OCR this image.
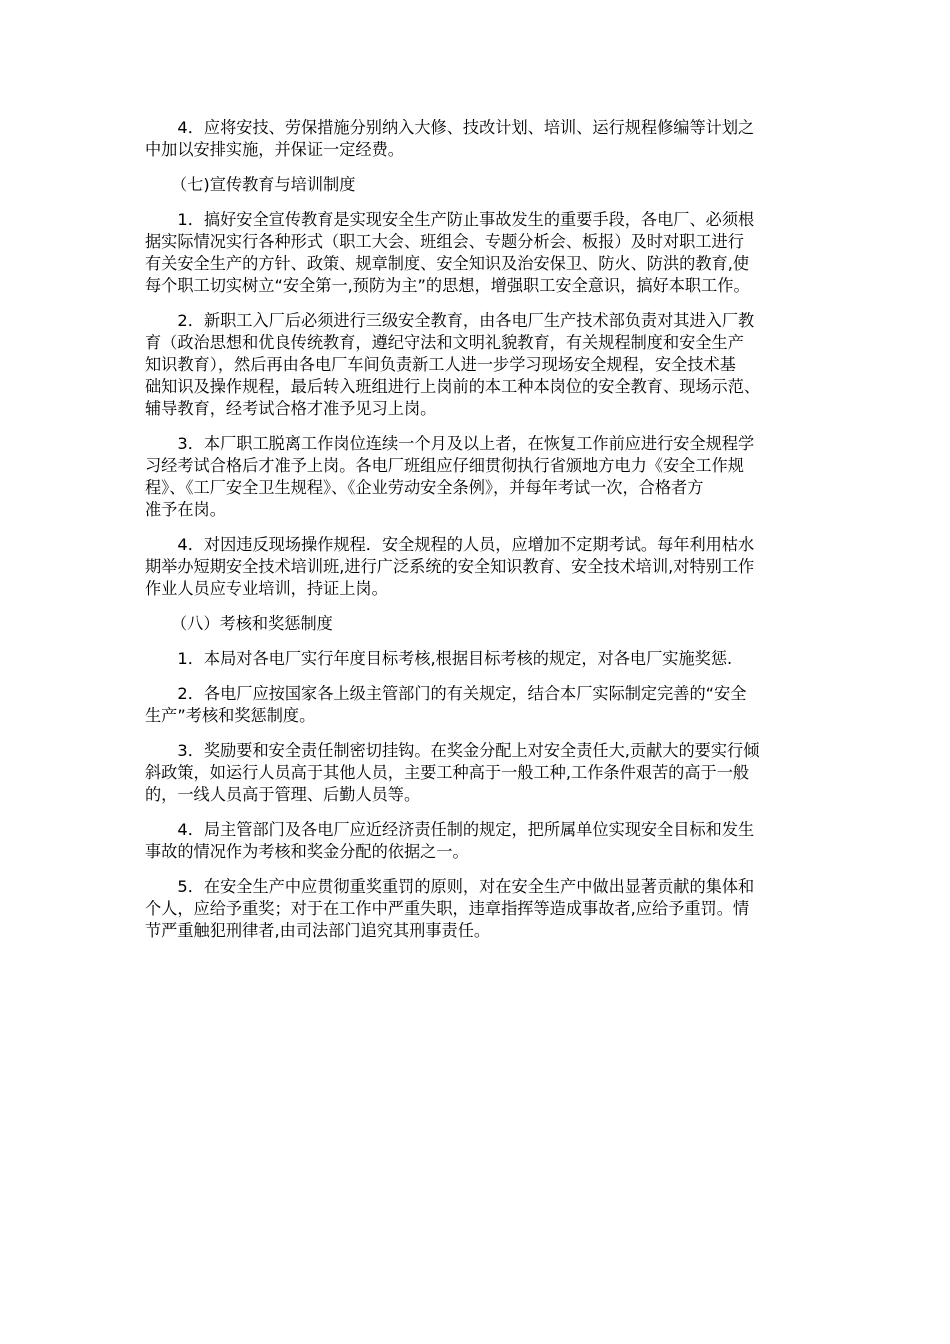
4．应将安技、劳保措施分别纳入大修、技改计划、培训、运行规程修编等计划之
中加以安排实施，并保证一定经费。

（七)宣传教育与培训制度

1．搞好安全宣传教育是实现安全生产防止事故发生的重要手段，各电厂、必须根
据实际情况实行各种形式（职工大会、班组会、专题分析会、板报）及时对职工进行
有关安全生产的方针、政策、规章制度、安全知识及治安保卫、防火、防洪的教育,使
每个职工切实树立“安全第一,预防为主”的思想，增强职工安全意识，搞好本职工作。

2．新职工入厂后必须进行三级安全教育，由各电厂生产技术部负责对其进入厂教
育（政治思想和优良传统教育，遵纪守法和文明礼貌教育，有关规程制度和安全生产
知识教育），然后再由各电厂车间负责新工人进一步学习现场安全规程，安全技术基
础知识及操作规程，最后转入班组进行上岗前的本工种本岗位的安全教育、现场示范、
辅导教育，经考试合格才准予见习上岗。

3．本厂职工脱离工作岗位连续一个月及以上者，在恢复工作前应进行安全规程学
习经考试合格后才准予上岗。各电厂班组应仔细贯彻执行省颁地方电力《安全工作规
程》、《工厂安全卫生规程》、《企业劳动安全条例》，并每年考试一次，合格者方
准予在岗。

4．对因违反现场操作规程．安全规程的人员，应增加不定期考试。每年利用枯水
期举办短期安全技术培训班,进行广泛系统的安全知识教育、安全技术培训,对特别工作
作业人员应专业培训，持证上岗。

（八）考核和奖惩制度

1．本局对各电厂实行年度目标考核,根据目标考核的规定，对各电厂实施奖惩.

2．各电厂应按国家各上级主管部门的有关规定，结合本厂实际制定完善的“安全
生产”考核和奖惩制度。

3．奖励要和安全责任制密切挂钩。在奖金分配上对安全责任大,贡献大的要实行倾
斜政策，如运行人员高于其他人员，主要工种高于一般工种,工作条件艰苦的高于一般
的，一线人员高于管理、后勤人员等。

4．局主管部门及各电厂应近经济责任制的规定，把所属单位实现安全目标和发生
事故的情况作为考核和奖金分配的依据之一。

5．在安全生产中应贯彻重奖重罚的原则，对在安全生产中做出显著贡献的集体和
个人，应给予重奖；对于在工作中严重失职，违章指挥等造成事故者,应给予重罚。情
节严重触犯刑律者,由司法部门追究其刑事责任。
